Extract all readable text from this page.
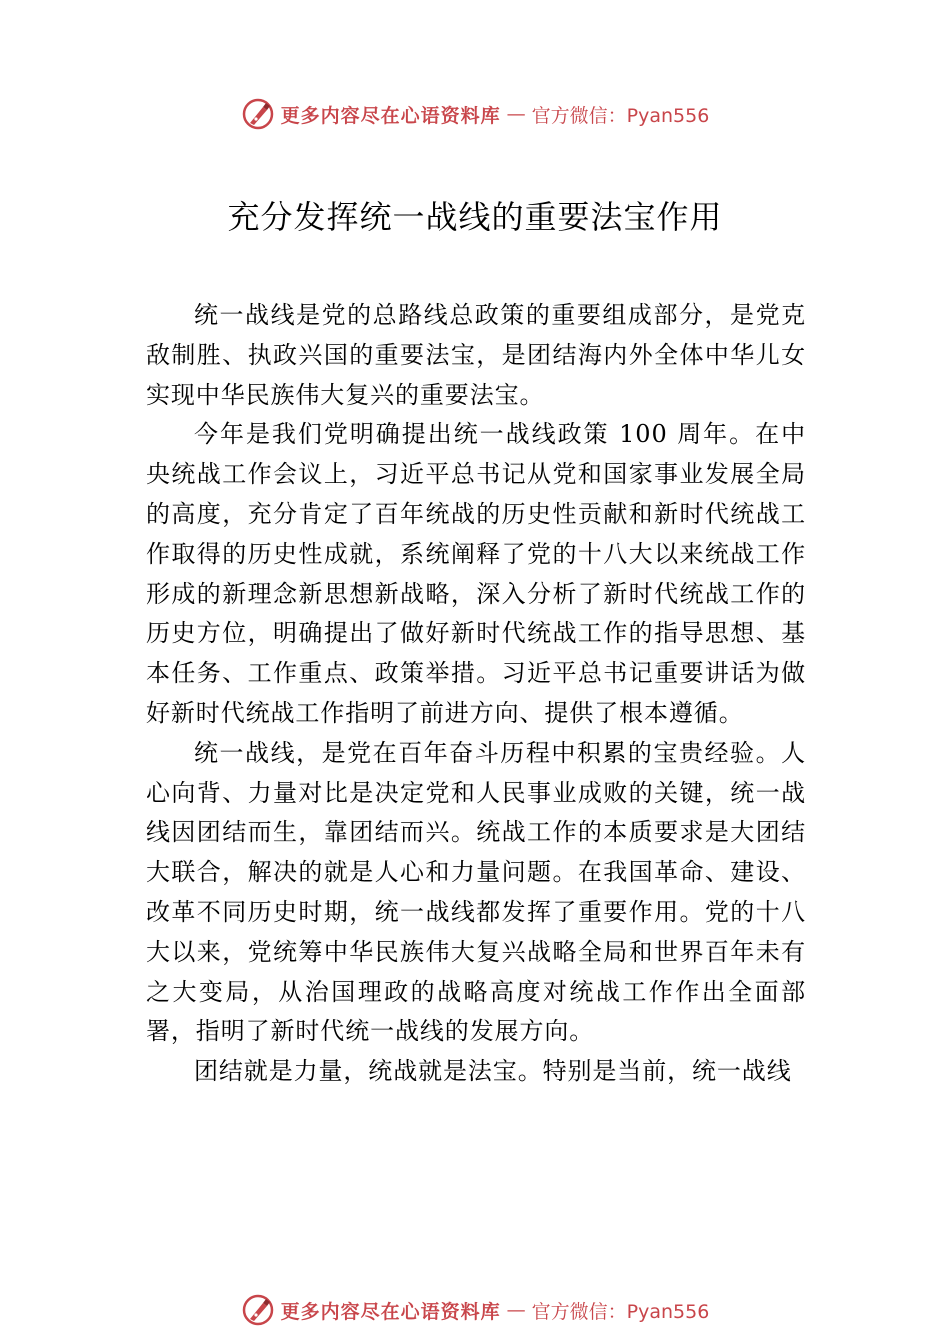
更多内容尽在心语资料库 — 官方微信：Pyan556
充分发挥统一战线的重要法宝作用

统一战线是党的总路线总政策的重要组成部分，是党克敌制胜、执政兴国的重要法宝，是团结海内外全体中华儿女实现中华民族伟大复兴的重要法宝。

今年是我们党明确提出统一战线政策 100 周年。在中央统战工作会议上，习近平总书记从党和国家事业发展全局的高度，充分肯定了百年统战的历史性贡献和新时代统战工作取得的历史性成就，系统阐释了党的十八大以来统战工作形成的新理念新思想新战略，深入分析了新时代统战工作的历史方位，明确提出了做好新时代统战工作的指导思想、基本任务、工作重点、政策举措。习近平总书记重要讲话为做好新时代统战工作指明了前进方向、提供了根本遵循。

统一战线，是党在百年奋斗历程中积累的宝贵经验。人心向背、力量对比是决定党和人民事业成败的关键，统一战线因团结而生，靠团结而兴。统战工作的本质要求是大团结大联合，解决的就是人心和力量问题。在我国革命、建设、改革不同历史时期，统一战线都发挥了重要作用。党的十八大以来，党统筹中华民族伟大复兴战略全局和世界百年未有之大变局，从治国理政的战略高度对统战工作作出全面部署，指明了新时代统一战线的发展方向。

团结就是力量，统战就是法宝。特别是当前，统一战线

更多内容尽在心语资料库 — 官方微信：Pyan556
